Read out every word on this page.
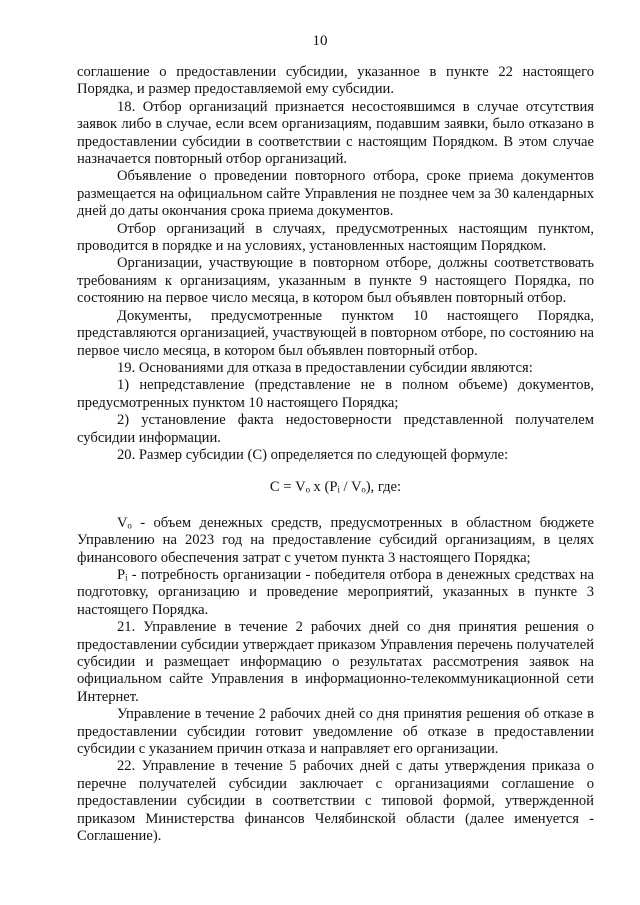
10

соглашение о предоставлении субсидии, указанное в пункте 22 настоящего Порядка, и размер предоставляемой ему субсидии.

18. Отбор организаций признается несостоявшимся в случае отсутствия заявок либо в случае, если всем организациям, подавшим заявки, было отказано в предоставлении субсидии в соответствии с настоящим Порядком. В этом случае назначается повторный отбор организаций.

Объявление о проведении повторного отбора, сроке приема документов размещается на официальном сайте Управления не позднее чем за 30 календарных дней до даты окончания срока приема документов.

Отбор организаций в случаях, предусмотренных настоящим пунктом, проводится в порядке и на условиях, установленных настоящим Порядком.

Организации, участвующие в повторном отборе, должны соответствовать требованиям к организациям, указанным в пункте 9 настоящего Порядка, по состоянию на первое число месяца, в котором был объявлен повторный отбор.

Документы, предусмотренные пунктом 10 настоящего Порядка, представляются организацией, участвующей в повторном отборе, по состоянию на первое число месяца, в котором был объявлен повторный отбор.

19. Основаниями для отказа в предоставлении субсидии являются:

1) непредставление (представление не в полном объеме) документов, предусмотренных пунктом 10 настоящего Порядка;

2) установление факта недостоверности представленной получателем субсидии информации.

20. Размер субсидии (С) определяется по следующей формуле:

С = Vₒ x (Pᵢ / Vₒ), где:

Vₒ - объем денежных средств, предусмотренных в областном бюджете Управлению на 2023 год на предоставление субсидий организациям, в целях финансового обеспечения затрат с учетом пункта 3 настоящего Порядка;

Pᵢ - потребность организации - победителя отбора в денежных средствах на подготовку, организацию и проведение мероприятий, указанных в пункте 3 настоящего Порядка.

21. Управление в течение 2 рабочих дней со дня принятия решения о предоставлении субсидии утверждает приказом Управления перечень получателей субсидии и размещает информацию о результатах рассмотрения заявок на официальном сайте Управления в информационно-телекоммуникационной сети Интернет.

Управление в течение 2 рабочих дней со дня принятия решения об отказе в предоставлении субсидии готовит уведомление об отказе в предоставлении субсидии с указанием причин отказа и направляет его организации.

22. Управление в течение 5 рабочих дней с даты утверждения приказа о перечне получателей субсидии заключает с организациями соглашение о предоставлении субсидии в соответствии с типовой формой, утвержденной приказом Министерства финансов Челябинской области (далее именуется - Соглашение).
